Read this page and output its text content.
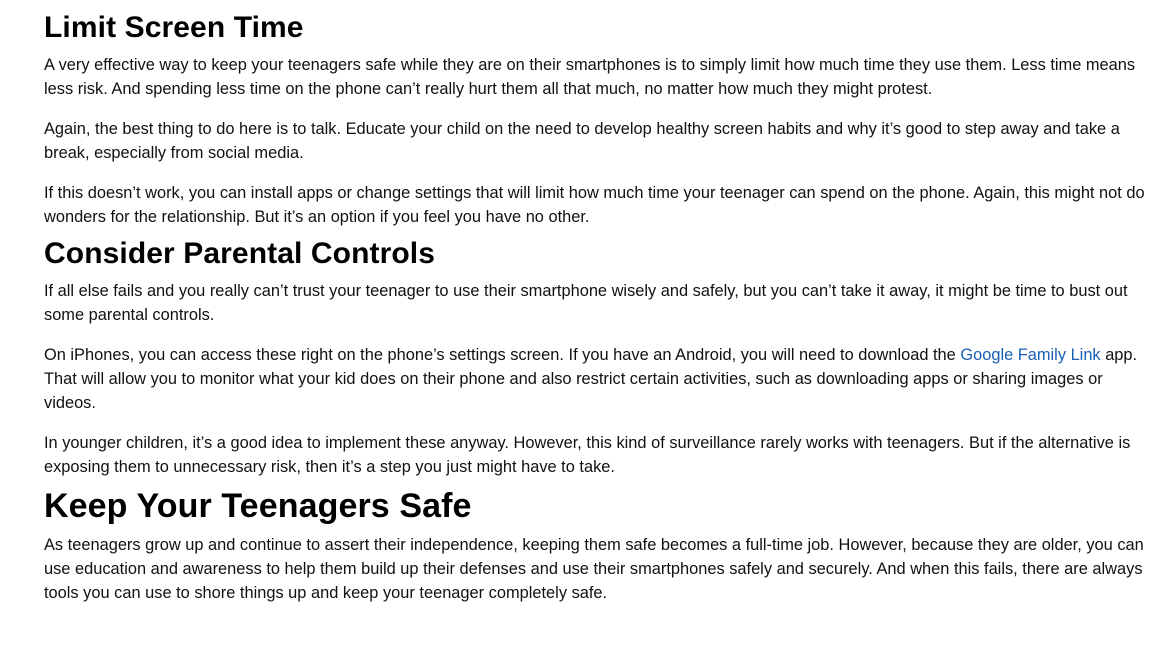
Limit Screen Time

A very effective way to keep your teenagers safe while they are on their smartphones is to simply limit how much time they use them. Less time means less risk. And spending less time on the phone can’t really hurt them all that much, no matter how much they might protest.

Again, the best thing to do here is to talk. Educate your child on the need to develop healthy screen habits and why it’s good to step away and take a break, especially from social media.

If this doesn’t work, you can install apps or change settings that will limit how much time your teenager can spend on the phone. Again, this might not do wonders for the relationship. But it’s an option if you feel you have no other.

Consider Parental Controls

If all else fails and you really can’t trust your teenager to use their smartphone wisely and safely, but you can’t take it away, it might be time to bust out some parental controls.

On iPhones, you can access these right on the phone’s settings screen. If you have an Android, you will need to download the Google Family Link app. That will allow you to monitor what your kid does on their phone and also restrict certain activities, such as downloading apps or sharing images or videos.

In younger children, it’s a good idea to implement these anyway. However, this kind of surveillance rarely works with teenagers. But if the alternative is exposing them to unnecessary risk, then it’s a step you just might have to take.

Keep Your Teenagers Safe

As teenagers grow up and continue to assert their independence, keeping them safe becomes a full-time job. However, because they are older, you can use education and awareness to help them build up their defenses and use their smartphones safely and securely. And when this fails, there are always tools you can use to shore things up and keep your teenager completely safe.
